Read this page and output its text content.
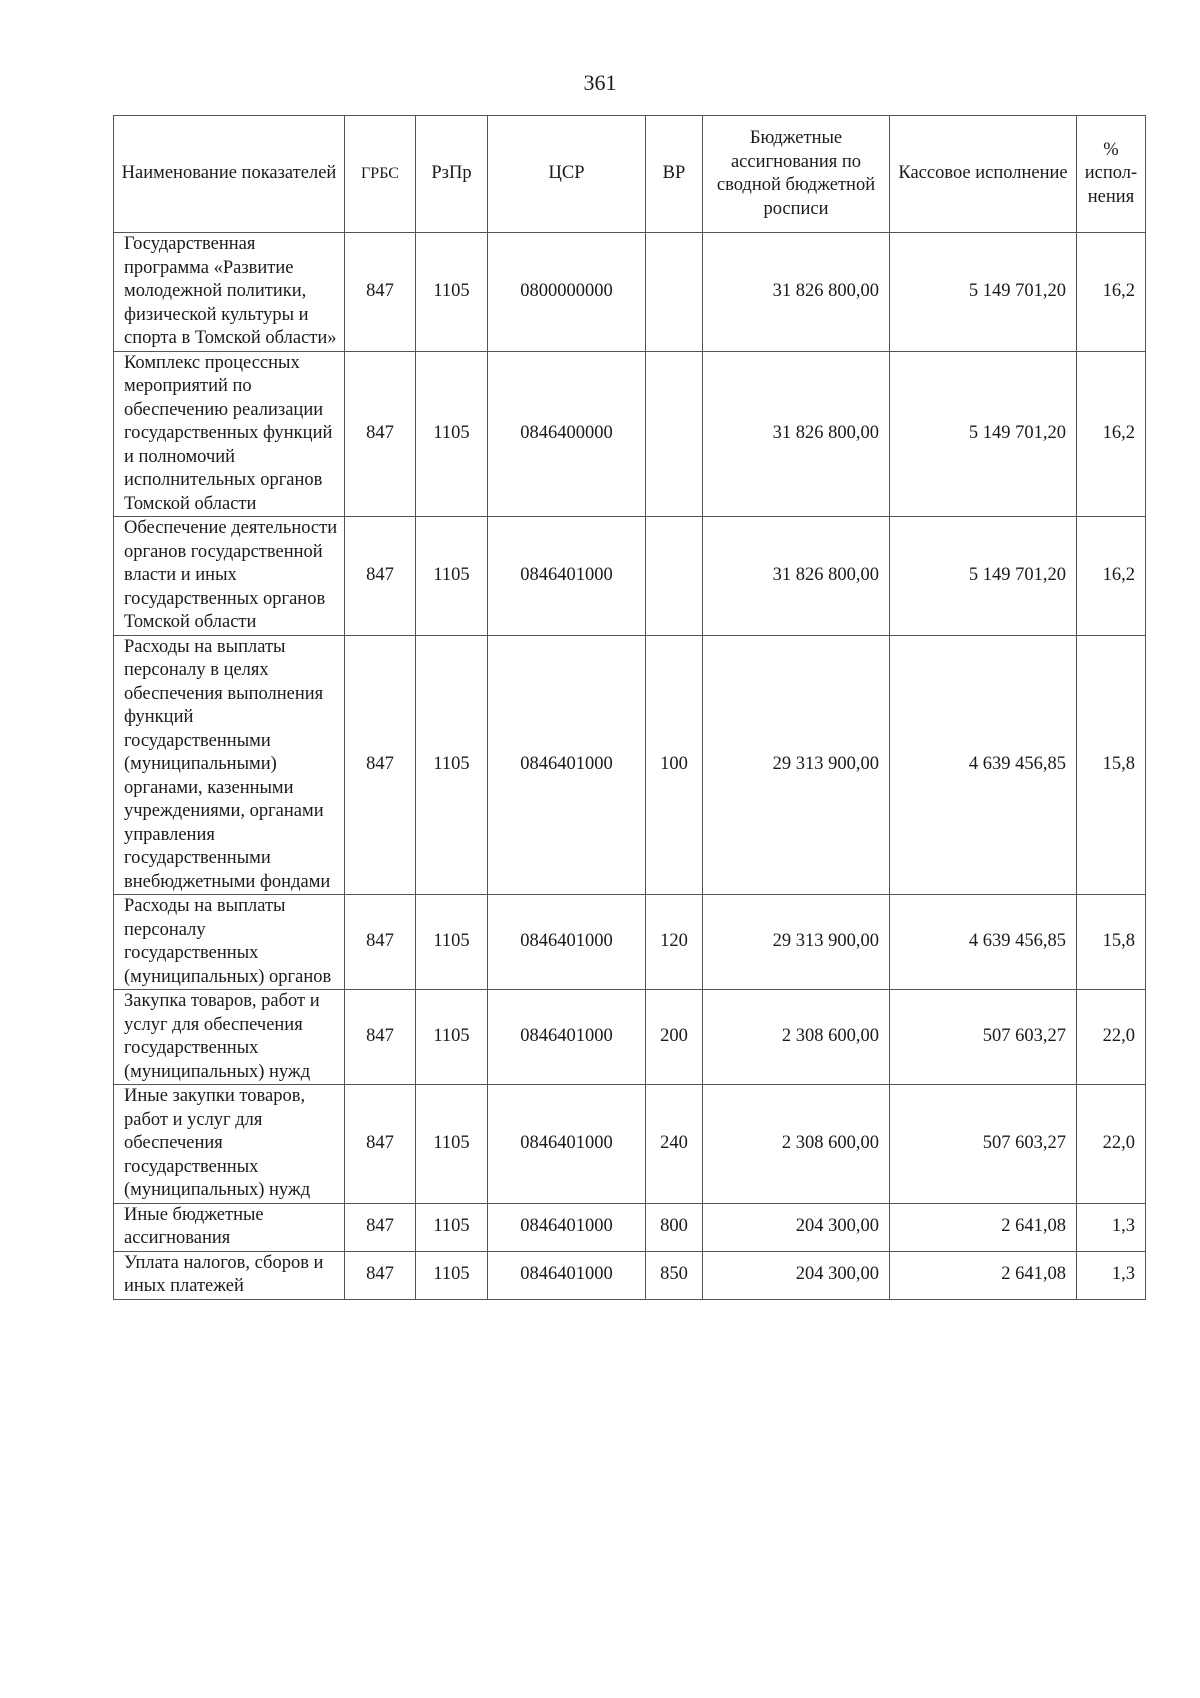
361
Наименование показателей	ГРБС	РзПр	ЦСР	ВР	Бюджетные ассигнования по сводной бюджетной росписи	Кассовое исполнение	% испол-нения
Государственная программа «Развитие молодежной политики, физической культуры и спорта в Томской области»	847	1105	0800000000		31 826 800,00	5 149 701,20	16,2
Комплекс процессных мероприятий по обеспечению реализации государственных функций и полномочий исполнительных органов Томской области	847	1105	0846400000		31 826 800,00	5 149 701,20	16,2
Обеспечение деятельности органов государственной власти и иных государственных органов Томской области	847	1105	0846401000		31 826 800,00	5 149 701,20	16,2
Расходы на выплаты персоналу в целях обеспечения выполнения функций государственными (муниципальными) органами, казенными учреждениями, органами управления государственными внебюджетными фондами	847	1105	0846401000	100	29 313 900,00	4 639 456,85	15,8
Расходы на выплаты персоналу государственных (муниципальных) органов	847	1105	0846401000	120	29 313 900,00	4 639 456,85	15,8
Закупка товаров, работ и услуг для обеспечения государственных (муниципальных) нужд	847	1105	0846401000	200	2 308 600,00	507 603,27	22,0
Иные закупки товаров, работ и услуг для обеспечения государственных (муниципальных) нужд	847	1105	0846401000	240	2 308 600,00	507 603,27	22,0
Иные бюджетные ассигнования	847	1105	0846401000	800	204 300,00	2 641,08	1,3
Уплата налогов, сборов и иных платежей	847	1105	0846401000	850	204 300,00	2 641,08	1,3
